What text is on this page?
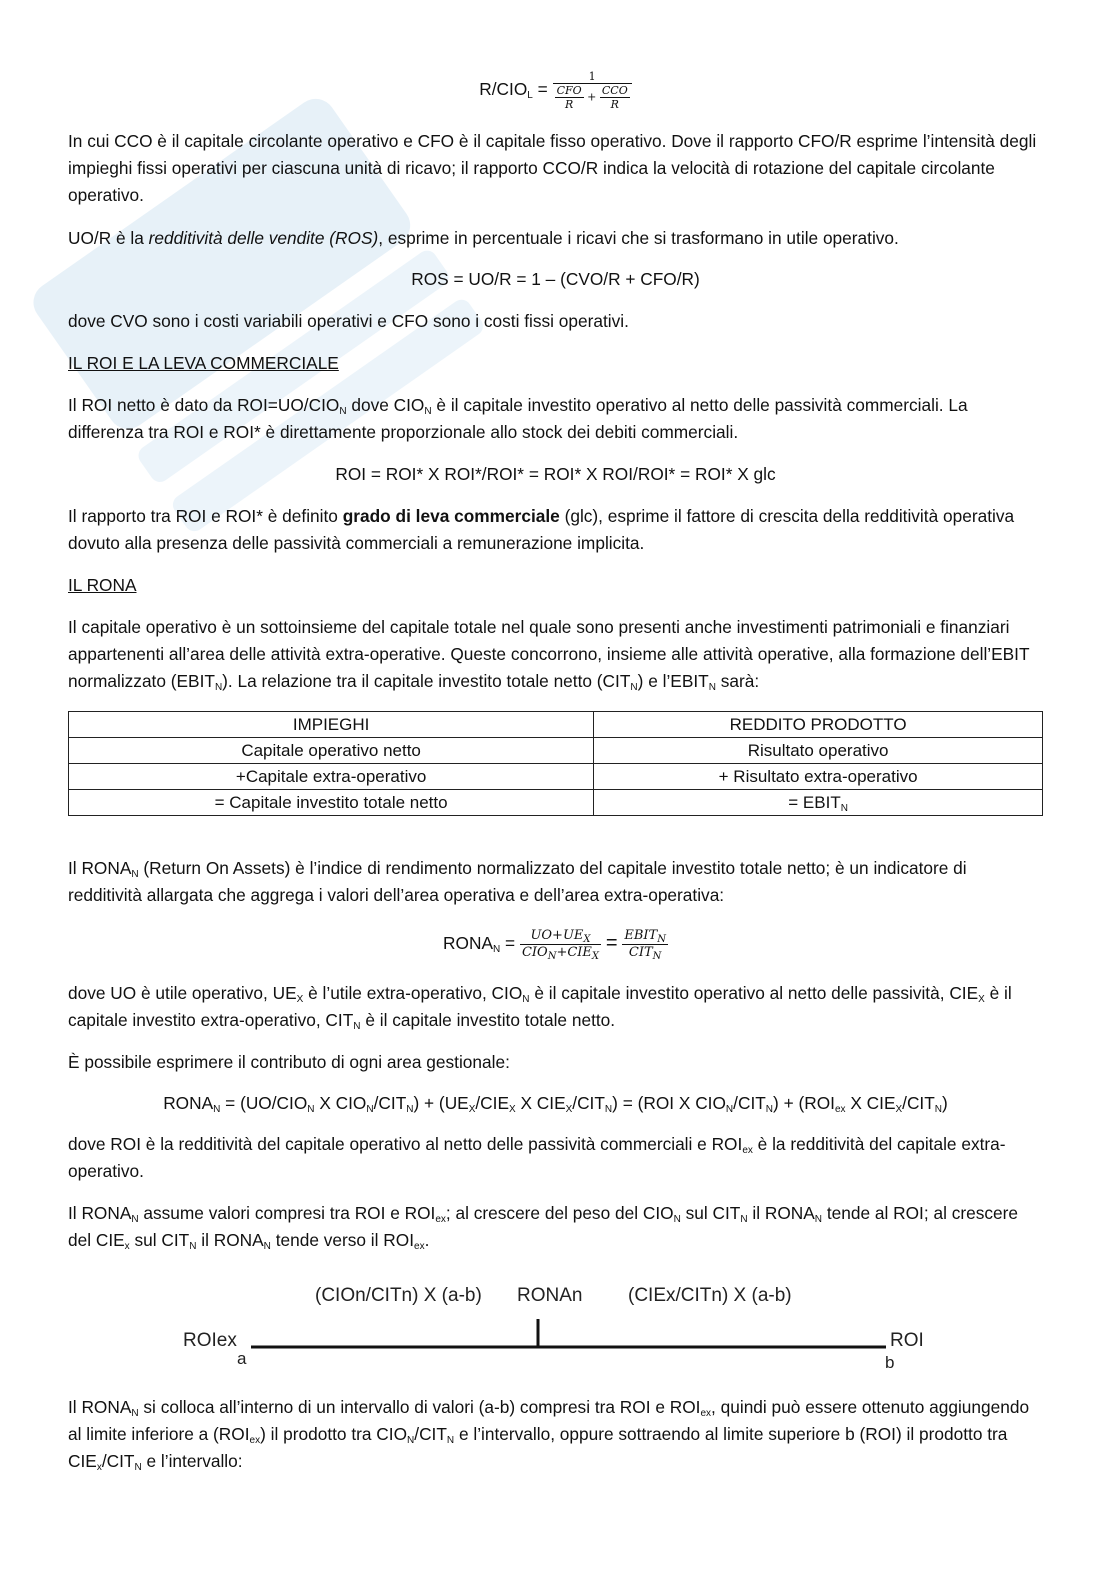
$R/CIO_L = \frac{1}{\frac{\text{CFO}}{R} + \frac{\text{CCO}}{R}}$

In cui CCO è il capitale circolante operativo e CFO è il capitale fisso operativo. Dove il rapporto CFO/R esprime l’intensità degli impieghi fissi operativi per ciascuna unità di ricavo; il rapporto CCO/R indica la velocità di rotazione del capitale circolante operativo.

UO/R è la redditività delle vendite (ROS), esprime in percentuale i ricavi che si trasformano in utile operativo.

ROS = UO/R = 1 – (CVO/R + CFO/R)

dove CVO sono i costi variabili operativi e CFO sono i costi fissi operativi.

IL ROI E LA LEVA COMMERCIALE

Il ROI netto è dato da $ROI=UO/CIO_N$ dove $CIO_N$ è il capitale investito operativo al netto delle passività commerciali. La differenza tra ROI e ROI* è direttamente proporzionale allo stock dei debiti commerciali.

ROI = ROI* X ROI*/ROI* = ROI* X ROI/ROI* = ROI* X glc

Il rapporto tra ROI e ROI* è definito grado di leva commerciale (glc), esprime il fattore di crescita della redditività operativa dovuto alla presenza delle passività commerciali a remunerazione implicita.

IL RONA

Il capitale operativo è un sottoinsieme del capitale totale nel quale sono presenti anche investimenti patrimoniali e finanziari appartenenti all’area delle attività extra-operative. Queste concorrono, insieme alle attività operative, alla formazione dell’EBIT normalizzato $(EBIT_N)$. La relazione tra il capitale investito totale netto $(CIT_N)$ e $l’EBIT_N$ sarà:

IMPIEGHI	REDDITO PRODOTTO
Capitale operativo netto	Risultato operativo
+Capitale extra-operativo	+ Risultato extra-operativo
= Capitale investito totale netto	= $EBIT_N$

Il $RONA_N$ (Return On Assets) è l’indice di rendimento normalizzato del capitale investito totale netto; è un indicatore di redditività allargata che aggrega i valori dell’area operativa e dell’area extra-operativa:

$RONA_N = \frac{UO+UE_X}{CIO_N+CIE_X} = \frac{EBIT_N}{CIT_N}$

dove UO è utile operativo, $UE_X$ è l’utile extra-operativo, $CIO_N$ è il capitale investito operativo al netto delle passività, $CIE_X$ è il capitale investito extra-operativo, $CIT_N$ è il capitale investito totale netto.

È possibile esprimere il contributo di ogni area gestionale:

$RONA_N = (UO/CIO_N$ X $CIO_N/CIT_N) + (UE_X/CIE_X$ X $CIE_X/CIT_N) = (ROI$ X $CIO_N/CIT_N) + (ROI_{ex}$ X $CIE_X/CIT_N$)

dove ROI è la redditività del capitale operativo al netto delle passività commerciali e $ROI_{ex}$ è la redditività del capitale extra-operativo.

Il $RONA_N$ assume valori compresi tra ROI e $ROI_{ex}$; al crescere del peso del $CIO_N$ sul $CIT_N$ il $RONA_N$ tende al ROI; al crescere del $CIE_x$ sul $CIT_N$ il $RONA_N$ tende verso il $ROI_{ex}$.

(CIOn/CITn) X (a-b) RONAn (CIEx/CITn) X (a-b)
ROIex
a
ROI
b

Il $RONA_N$ si colloca all’interno di un intervallo di valori (a-b) compresi tra ROI e $ROI_{ex}$, quindi può essere ottenuto aggiungendo al limite inferiore a $(ROI_{ex})$ il prodotto tra $CIO_N/CIT_N$ e l’intervallo, oppure sottraendo al limite superiore b (ROI) il prodotto tra $CIE_x/CIT_N$ e l’intervallo:
